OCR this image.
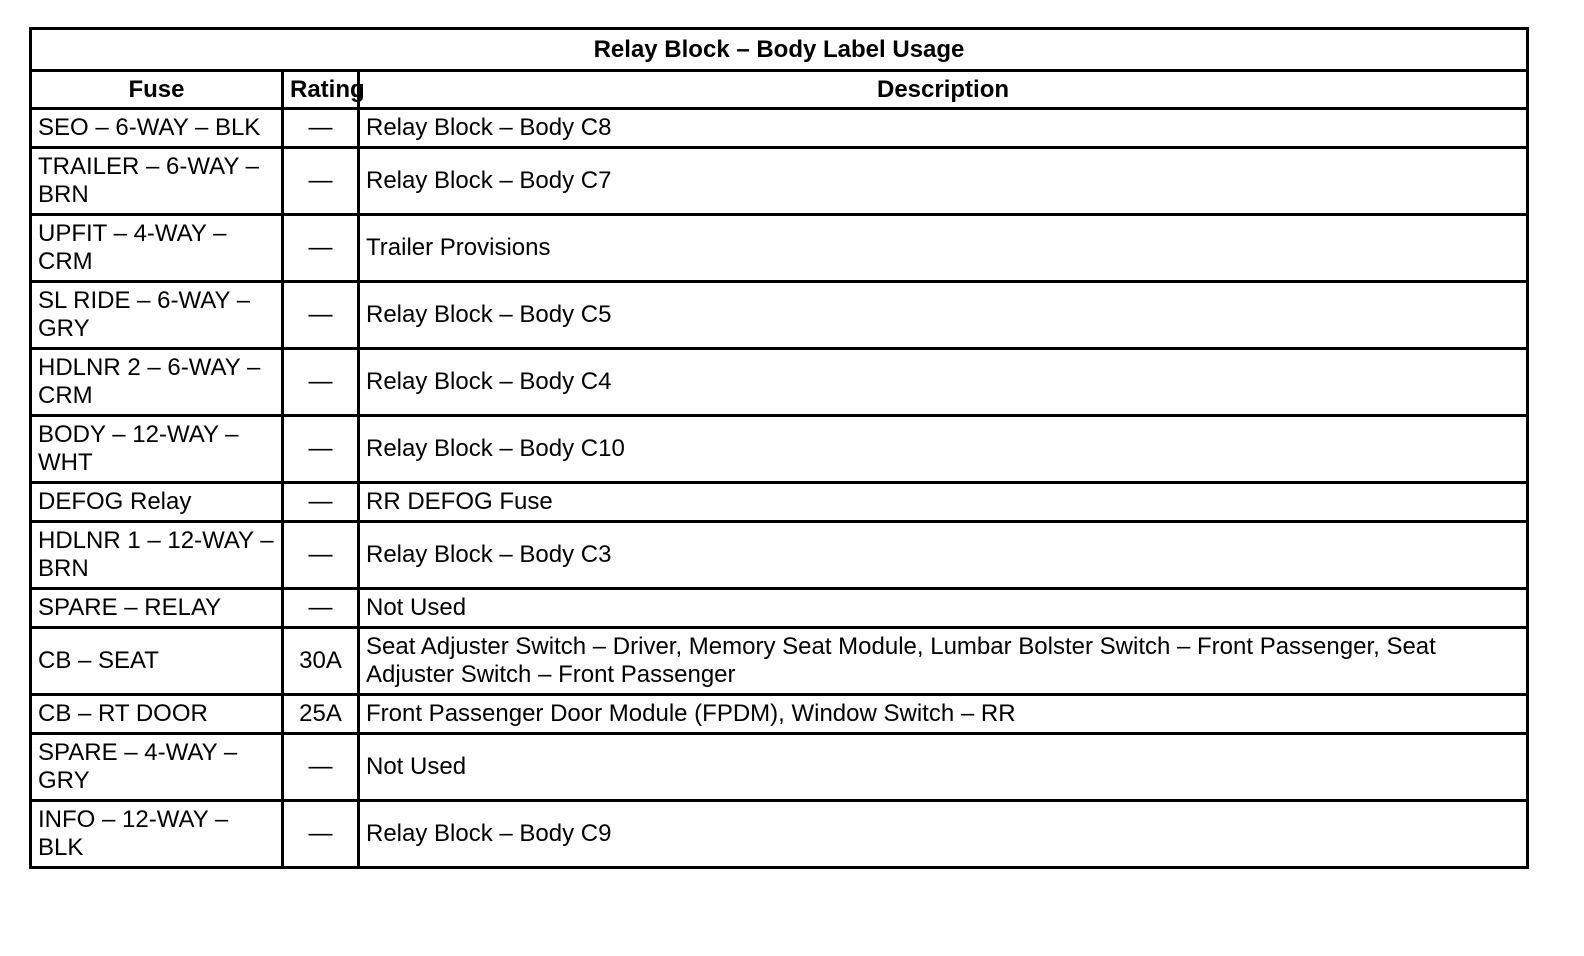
Relay Block – Body Label Usage		
Fuse	Rating	Description
SEO – 6-WAY – BLK	—	Relay Block – Body C8
TRAILER – 6-WAY – BRN	—	Relay Block – Body C7
UPFIT – 4-WAY – CRM	—	Trailer Provisions
SL RIDE – 6-WAY – GRY	—	Relay Block – Body C5
HDLNR 2 – 6-WAY – CRM	—	Relay Block – Body C4
BODY – 12-WAY – WHT	—	Relay Block – Body C10
DEFOG Relay	—	RR DEFOG Fuse
HDLNR 1 – 12-WAY – BRN	—	Relay Block – Body C3
SPARE – RELAY	—	Not Used
CB – SEAT	30A	Seat Adjuster Switch – Driver, Memory Seat Module, Lumbar Bolster Switch – Front Passenger, Seat Adjuster Switch – Front Passenger
CB – RT DOOR	25A	Front Passenger Door Module (FPDM), Window Switch – RR
SPARE – 4-WAY – GRY	—	Not Used
INFO – 12-WAY – BLK	—	Relay Block – Body C9
